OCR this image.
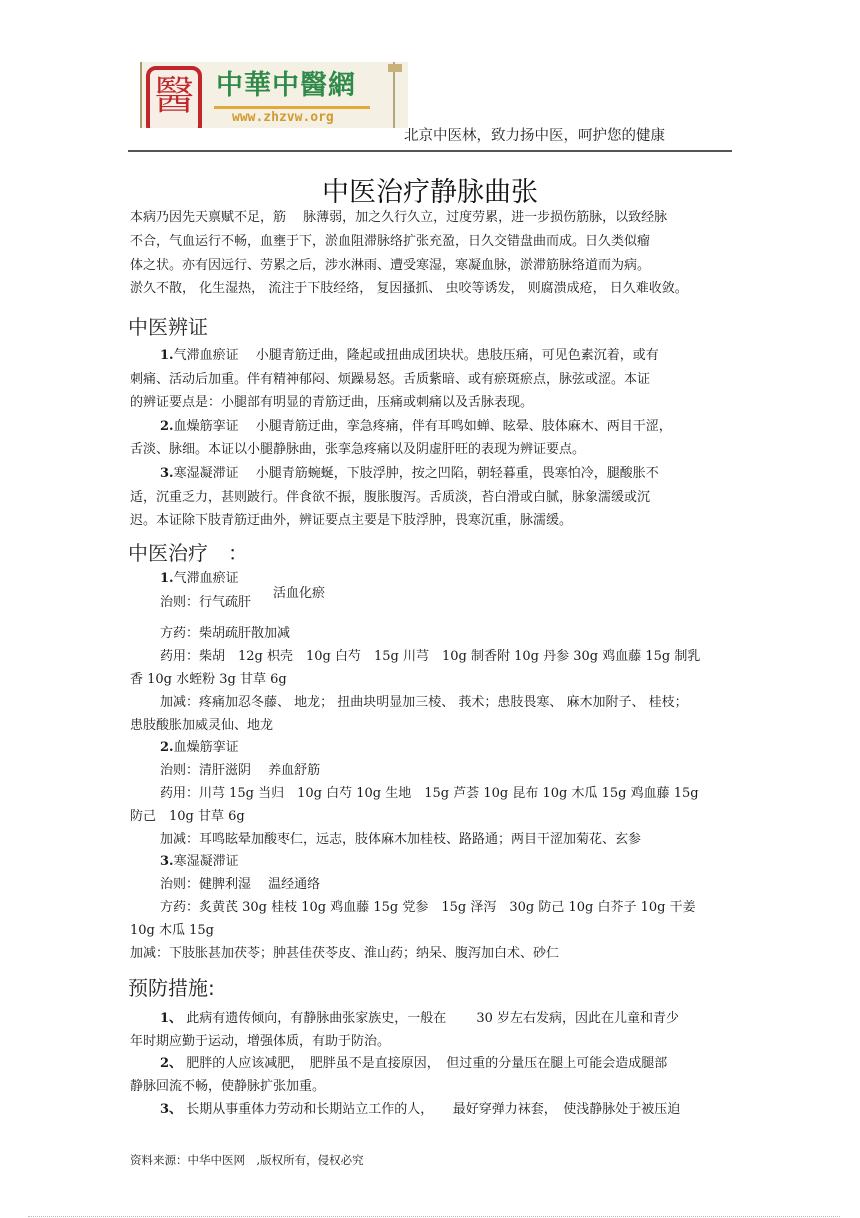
醫 中華中醫網
www.zhzvw.org
北京中医林，致力扬中医，呵护您的健康
中医治疗静脉曲张
本病乃因先天禀赋不足，筋　 脉薄弱，加之久行久立，过度劳累，进一步损伤筋脉，以致经脉
不合，气血运行不畅，血壅于下，淤血阻滞脉络扩张充盈，日久交错盘曲而成。日久类似瘤
体之状。亦有因远行、劳累之后，涉水淋雨、遭受寒湿，寒凝血脉，淤滞筋脉络道而为病。
淤久不散， 化生湿热， 流注于下肢经络， 复因搔抓、 虫咬等诱发， 则腐溃成疮， 日久难收敛。
中医辨证
1.气滞血瘀证  小腿青筋迂曲，隆起或扭曲成团块状。患肢压痛，可见色素沉着，或有
刺痛、活动后加重。伴有精神郁闷、烦躁易怒。舌质紫暗、或有瘀斑瘀点，脉弦或涩。本证
的辨证要点是：小腿部有明显的青筋迂曲，压痛或刺痛以及舌脉表现。
2.血燥筋挛证  小腿青筋迂曲，挛急疼痛，伴有耳鸣如蝉、眩晕、肢体麻木、两目干涩，
舌淡、脉细。本证以小腿静脉曲，张挛急疼痛以及阴虚肝旺的表现为辨证要点。
3.寒湿凝滞证  小腿青筋蜿蜒，下肢浮肿，按之凹陷，朝轻暮重，畏寒怕冷，腿酸胀不
适，沉重乏力，甚则跛行。伴食欲不振，腹胀腹泻。舌质淡，苔白滑或白腻，脉象濡缓或沉
迟。本证除下肢青筋迂曲外，辨证要点主要是下肢浮肿，畏寒沉重，脉濡缓。
中医治疗　：
1.气滞血瘀证
治则：行气疏肝
活血化瘀
方药：柴胡疏肝散加减
药用：柴胡　12g 枳壳　10g 白芍　15g 川芎　10g 制香附 10g 丹参 30g 鸡血藤 15g 制乳
香 10g 水蛭粉 3g 甘草 6g
加减：疼痛加忍冬藤、 地龙； 扭曲块明显加三棱、 莪术；患肢畏寒、 麻木加附子、 桂枝；
患肢酸胀加威灵仙、地龙
2.血燥筋挛证
治则：清肝滋阴　 养血舒筋
药用：川芎 15g 当归　10g 白芍 10g 生地　15g 芦荟 10g 昆布 10g 木瓜 15g 鸡血藤 15g
防己　10g 甘草 6g
加减：耳鸣眩晕加酸枣仁，远志，肢体麻木加桂枝、路路通；两目干涩加菊花、玄参
3.寒湿凝滞证
治则：健脾利湿　 温经通络
方药：炙黄芪 30g 桂枝 10g 鸡血藤 15g 党参　15g 泽泻　30g 防己 10g 白芥子 10g 干姜
10g 木瓜 15g
加减：下肢胀甚加茯苓；肿甚佳茯苓皮、淮山药；纳呆、腹泻加白术、砂仁
预防措施:
1、 此病有遗传倾向，有静脉曲张家族史，一般在　　 30 岁左右发病，因此在儿童和青少
年时期应勤于运动，增强体质，有助于防治。
2、 肥胖的人应该减肥，　肥胖虽不是直接原因，　但过重的分量压在腿上可能会造成腿部
静脉回流不畅，使静脉扩张加重。
3、 长期从事重体力劳动和长期站立工作的人，　　最好穿弹力袜套，　使浅静脉处于被压迫
资料来源：中华中医网　,版权所有，侵权必究
